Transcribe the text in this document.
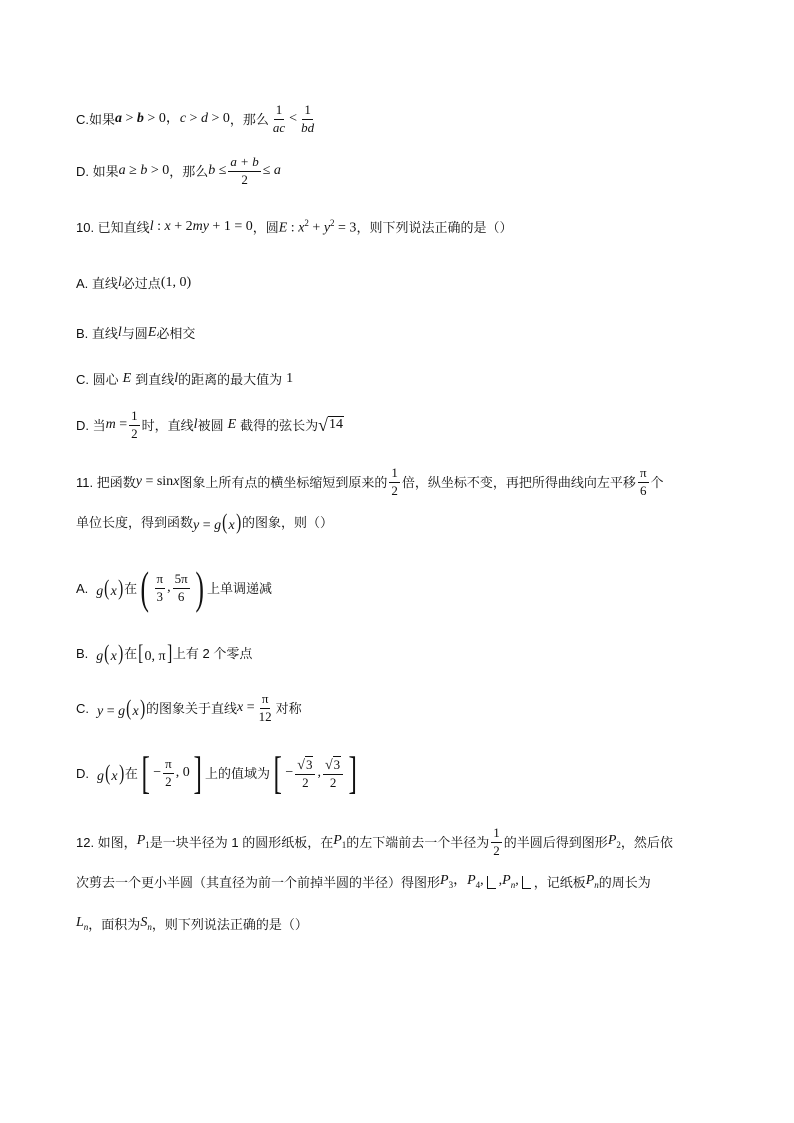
C.如果 a > b > 0 ， c > d > 0 ，那么 $\frac{1}{ac} < \frac{1}{bd}$
D. 如果 a ≥ b > 0 ，那么 $b \le \frac{a + b}{2} \le a$
10. 已知直线 l : x + 2my + 1 = 0 ，圆 E : $x^2 + y^2 = 3$ ，则下列说法正确的是（）
A. 直线 l 必过点 (1, 0)
B. 直线 l 与圆 E 必相交
C. 圆心 E 到直线 l 的距离的最大值为 1
D. 当 $m = \frac{1}{2}$ 时，直线 l 被圆 E 截得的弦长为 √ 14
11. 把函数 y = sinx 图象上所有点的横坐标缩短到原来的 $\frac{1}{2}$ 倍，纵坐标不变，再把所得曲线向左平移 $\frac{\pi}{6}$ 个
单位长度，得到函数 y = g(x) 的图象，则（）
A. g(x) 在 ( $\frac{\pi}{3}$ , $\frac{5\pi}{6}$ ) 上单调递减
B. g(x) 在 [0, π] 上有 2 个零点
C. y = g(x) 的图象关于直线 $x = \frac{\pi}{12}$ 对称
D. g(x) 在 [ − $\frac{\pi}{2}$ , 0 ] 上的值域为 [ − $\frac{√ 3}{2}$ , $\frac{√ 3}{2}$ ]
12. 如图， $P_1$ 是一块半径为 1 的圆形纸板，在 $P_1$ 的左下端前去一个半径为 $\frac{1}{2}$ 的半圆后得到图形 $P_2$ ，然后依
次剪去一个更小半圆（其直径为前一个前掉半圆的半径）得图形 $P_3$，$P_4$, $,P_n$, ，记纸板 $P_n$ 的周长为
$L_n$ ，面积为 $S_n$ ，则下列说法正确的是（）
